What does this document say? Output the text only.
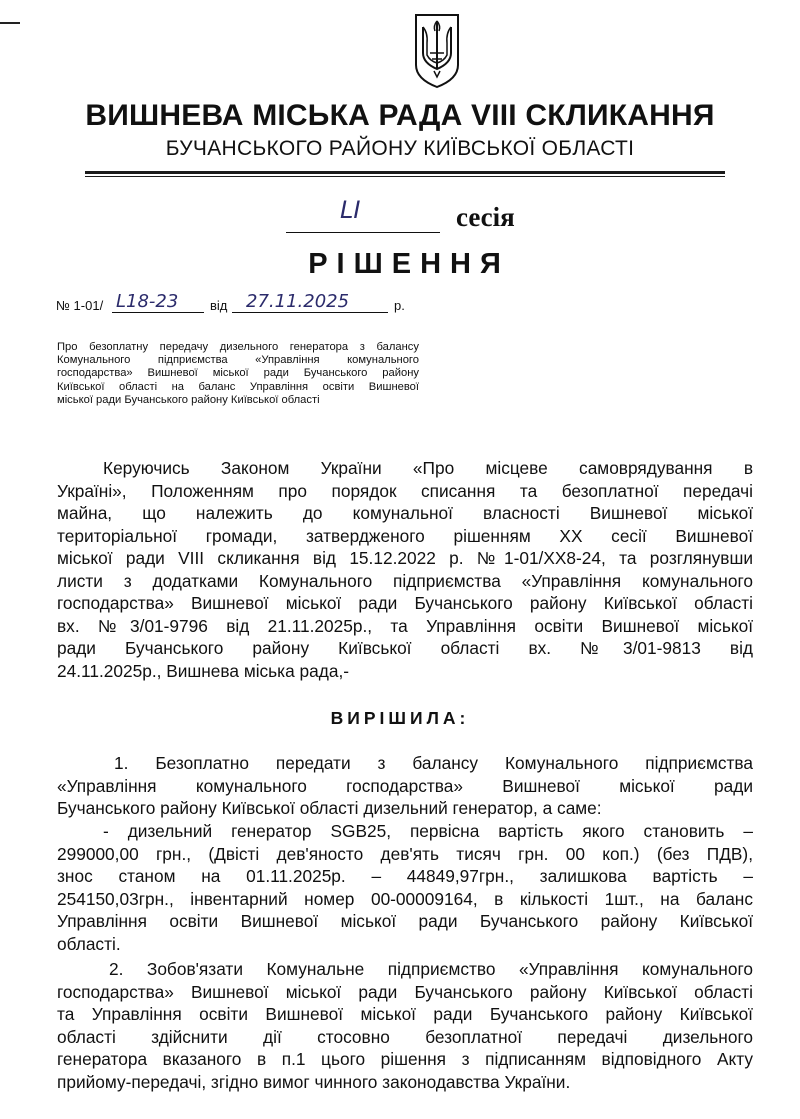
ВИШНЕВА МІСЬКА РАДА VIII СКЛИКАННЯ
БУЧАНСЬКОГО РАЙОНУ КИЇВСЬКОЇ ОБЛАСТІ
LI	сесія
РІШЕННЯ
№ 1-01/ L18-23 від 27.11.2025	р.

Про безоплатну передачу дизельного генератора з балансу

Комунального підприємства «Управління комунального

господарства» Вишневої міської ради Бучанського району

Київської області на баланс Управління освіти Вишневої

міської ради Бучанського району Київської області

Керуючись Законом України «Про місцеве самоврядування в

Україні», Положенням про порядок списання та безоплатної передачі

майна, що належить до комунальної власності Вишневої міської

територіальної громади, затвердженого рішенням XX сесії Вишневої

міської ради VIII скликання від 15.12.2022 р. №1-01/XX8-24, та розглянувши

листи з додатками Комунального підприємства «Управління комунального

господарства» Вишневої міської ради Бучанського району Київської області

вх. №3/01-9796 від 21.11.2025р., та Управління освіти Вишневої міської

ради Бучанського району Київської області вх. №3/01-9813 від

24.11.2025р., Вишнева міська рада,-

ВИРІШИЛА:

1. Безоплатно передати з балансу Комунального підприємства

«Управління комунального господарства» Вишневої міської ради

Бучанського району Київської області дизельний генератор, а саме:

- дизельний генератор SGB25, первісна вартість якого становить –

299000,00 грн., (Двісті дев'яносто дев'ять тисяч грн. 00 коп.) (без ПДВ),

знос станом на 01.11.2025р. – 44849,97грн., залишкова вартість –

254150,03грн., інвентарний номер 00-00009164, в кількості 1шт., на баланс

Управління освіти Вишневої міської ради Бучанського району Київської

області.

2. Зобов'язати Комунальне підприємство «Управління комунального

господарства» Вишневої міської ради Бучанського району Київської області

та Управління освіти Вишневої міської ради Бучанського району Київської

області здійснити дії стосовно безоплатної передачі дизельного

генератора вказаного в п.1 цього рішення з підписанням відповідного Акту

прийому-передачі, згідно вимог чинного законодавства України.
